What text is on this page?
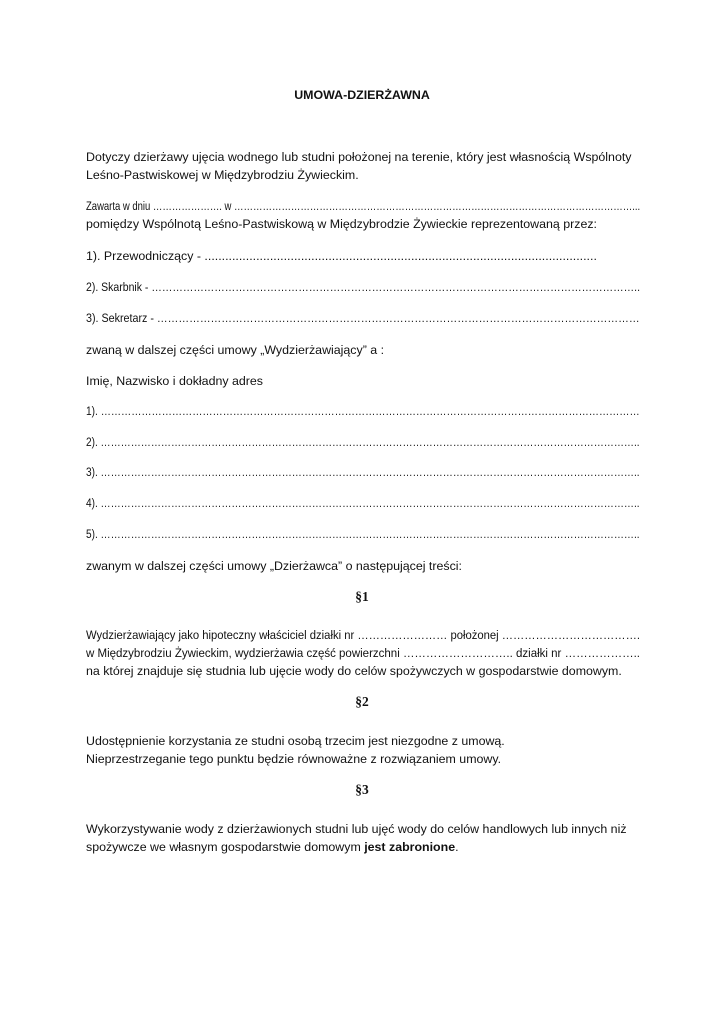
UMOWA-DZIERŻAWNA
Dotyczy dzierżawy ujęcia wodnego lub studni położonej na terenie, który jest własnością Wspólnoty
Leśno-Pastwiskowej w Międzybrodziu Żywieckim.
Zawarta w dniu …………………. w ………………………………………………………………………………………………………………...
pomiędzy Wspólnotą Leśno-Pastwiskową w Międzybrodzie Żywieckie reprezentowaną przez:
1). Przewodniczący - ..................................................................................................................
2). Skarbnik - …………………………………………………………………………………………………………………………..
3). Sekretarz - ………………………………………………………………………………………………………………………
zwaną w dalszej części umowy „Wydzierżawiający” a :
Imię, Nazwisko i dokładny adres
1). ……………………………………………………………………………………………………………………………………………
2). ……………………………………………………………………………………………………………………………………………..
3). ……………………………………………………………………………………………………………………………………………..
4). ……………………………………………………………………………………………………………………………………………..
5). ……………………………………………………………………………………………………………………………………………..
zwanym w dalszej części umowy „Dzierżawca” o następującej treści:
§1
Wydzierżawiający jako hipoteczny właściciel działki nr …………………… położonej ……………………………….
w Międzybrodziu Żywieckim, wydzierżawia część powierzchni ……………………….. działki nr ………………..
na której znajduje się studnia lub ujęcie wody do celów spożywczych w gospodarstwie domowym.
§2
Udostępnienie korzystania ze studni osobą trzecim jest niezgodne z umową.
Nieprzestrzeganie tego punktu będzie równoważne z rozwiązaniem umowy.
§3
Wykorzystywanie wody z dzierżawionych studni lub ujęć wody do celów handlowych lub innych niż
spożywcze we własnym gospodarstwie domowym jest zabronione.
